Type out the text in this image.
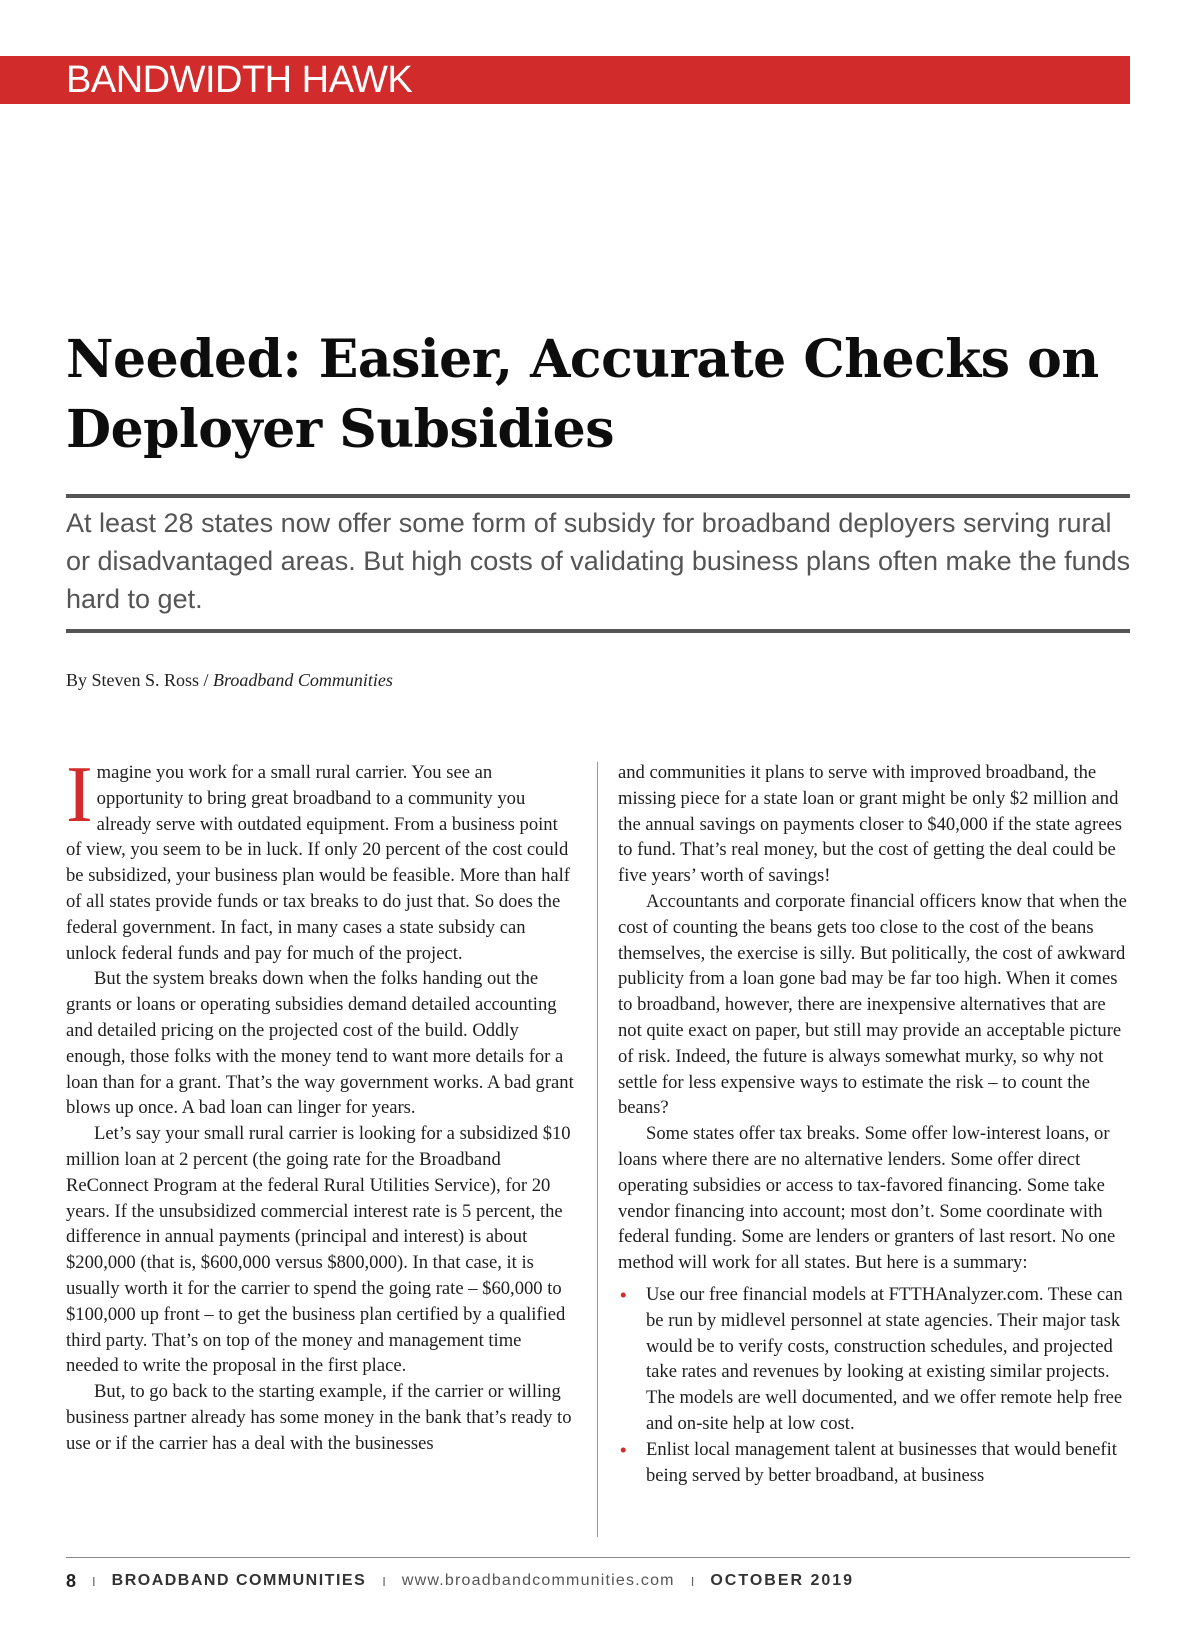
BANDWIDTH HAWK
Needed: Easier, Accurate Checks on Deployer Subsidies

At least 28 states now offer some form of subsidy for broadband deployers serving rural or disadvantaged areas. But high costs of validating business plans often make the funds hard to get.

By Steven S. Ross / Broadband Communities

Imagine you work for a small rural carrier. You see an opportunity to bring great broadband to a community you already serve with outdated equipment. From a business point of view, you seem to be in luck. If only 20 percent of the cost could be subsidized, your business plan would be feasible. More than half of all states provide funds or tax breaks to do just that. So does the federal government. In fact, in many cases a state subsidy can unlock federal funds and pay for much of the project.

But the system breaks down when the folks handing out the grants or loans or operating subsidies demand detailed accounting and detailed pricing on the projected cost of the build. Oddly enough, those folks with the money tend to want more details for a loan than for a grant. That’s the way government works. A bad grant blows up once. A bad loan can linger for years.

Let’s say your small rural carrier is looking for a subsidized $10 million loan at 2 percent (the going rate for the Broadband ReConnect Program at the federal Rural Utilities Service), for 20 years. If the unsubsidized commercial interest rate is 5 percent, the difference in annual payments (principal and interest) is about $200,000 (that is, $600,000 versus $800,000). In that case, it is usually worth it for the carrier to spend the going rate – $60,000 to $100,000 up front – to get the business plan certified by a qualified third party. That’s on top of the money and management time needed to write the proposal in the first place.

But, to go back to the starting example, if the carrier or willing business partner already has some money in the bank that’s ready to use or if the carrier has a deal with the businesses

and communities it plans to serve with improved broadband, the missing piece for a state loan or grant might be only $2 million and the annual savings on payments closer to $40,000 if the state agrees to fund. That’s real money, but the cost of getting the deal could be five years’ worth of savings!

Accountants and corporate financial officers know that when the cost of counting the beans gets too close to the cost of the beans themselves, the exercise is silly. But politically, the cost of awkward publicity from a loan gone bad may be far too high. When it comes to broadband, however, there are inexpensive alternatives that are not quite exact on paper, but still may provide an acceptable picture of risk. Indeed, the future is always somewhat murky, so why not settle for less expensive ways to estimate the risk – to count the beans?

Some states offer tax breaks. Some offer low-interest loans, or loans where there are no alternative lenders. Some offer direct operating subsidies or access to tax-favored financing. Some take vendor financing into account; most don’t. Some coordinate with federal funding. Some are lenders or granters of last resort. No one method will work for all states. But here is a summary:

• Use our free financial models at FTTHAnalyzer.com. These can be run by midlevel personnel at state agencies. Their major task would be to verify costs, construction schedules, and projected take rates and revenues by looking at existing similar projects. The models are well documented, and we offer remote help free and on-site help at low cost.
• Enlist local management talent at businesses that would benefit being served by better broadband, at business
8 I BROADBAND COMMUNITIES I www.broadbandcommunities.com I OCTOBER 2019
